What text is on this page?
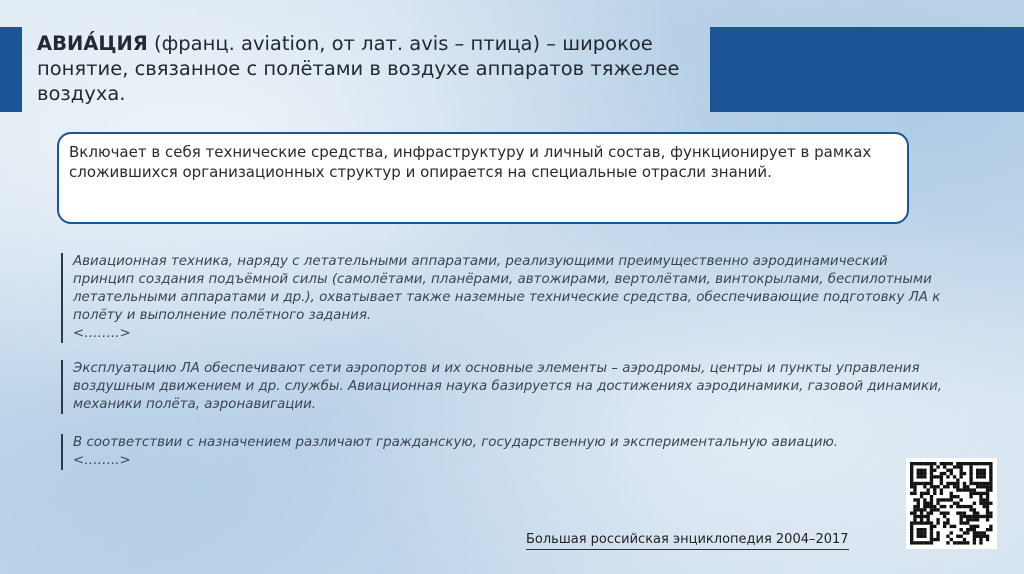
АВИА́ЦИЯ (франц. aviation, от лат. avis – птица) – широкое понятие, связанное с полётами в воздухе аппаратов тяжелее воздуха.
Включает в себя технические средства, инфраструктуру и личный состав, функционирует в рамках сложившихся организационных структур и опирается на специальные отрасли знаний.
Авиационная техника, наряду с летательными аппаратами, реализующими преимущественно аэродинамический принцип создания подъёмной силы (самолётами, планёрами, автожирами, вертолётами, винтокрылами, беспилотными летательными аппаратами и др.), охватывает также наземные технические средства, обеспечивающие подготовку ЛА к полёту и выполнение полётного задания.
<……..>
Эксплуатацию ЛА обеспечивают сети аэропортов и их основные элементы – аэродромы, центры и пункты управления воздушным движением и др. службы. Авиационная наука базируется на достижениях аэродинамики, газовой динамики, механики полёта, аэронавигации.
В соответствии с назначением различают гражданскую, государственную и экспериментальную авиацию.
<……..>
Большая российская энциклопедия 2004–2017
